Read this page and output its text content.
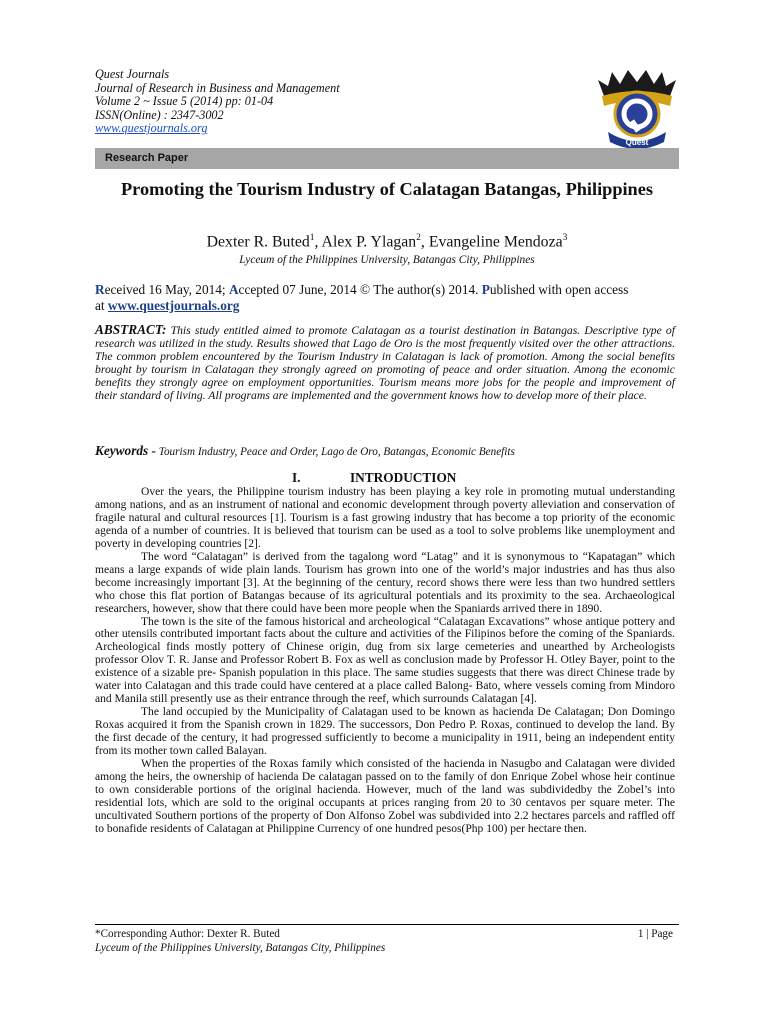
Quest Journals
Journal of Research in Business and Management
Volume 2 ~ Issue 5 (2014) pp: 01-04
ISSN(Online) : 2347-3002
www.questjournals.org
Quest
Research Paper
Promoting the Tourism Industry of Calatagan Batangas, Philippines
Dexter R. Buted$^1$, Alex P. Ylagan$^2$, Evangeline Mendoza$^3$
Lyceum of the Philippines University, Batangas City, Philippines
Received 16 May, 2014; Accepted 07 June, 2014 © The author(s) 2014. Published with open access
at www.questjournals.org
ABSTRACT: This study entitled aimed to promote Calatagan as a tourist destination in Batangas. Descriptive type of research was utilized in the study. Results showed that Lago de Oro is the most frequently visited over the other attractions. The common problem encountered by the Tourism Industry in Calatagan is lack of promotion. Among the social benefits brought by tourism in Calatagan they strongly agreed on promoting of peace and order situation. Among the economic benefits they strongly agree on employment opportunities. Tourism means more jobs for the people and improvement of their standard of living. All programs are implemented and the government knows how to develop more of their place.
Keywords - Tourism Industry, Peace and Order, Lago de Oro, Batangas, Economic Benefits
I.	INTRODUCTION

Over the years, the Philippine tourism industry has been playing a key role in promoting mutual understanding among nations, and as an instrument of national and economic development through poverty alleviation and conservation of fragile natural and cultural resources [1]. Tourism is a fast growing industry that has become a top priority of the economic agenda of a number of countries. It is believed that tourism can be used as a tool to solve problems like unemployment and poverty in developing countries [2].

The word “Calatagan” is derived from the tagalong word “Latag” and it is synonymous to “Kapatagan” which means a large expands of wide plain lands. Tourism has grown into one of the world’s major industries and has thus also become increasingly important [3]. At the beginning of the century, record shows there were less than two hundred settlers who chose this flat portion of Batangas because of its agricultural potentials and its proximity to the sea. Archaeological researchers, however, show that there could have been more people when the Spaniards arrived there in 1890.

The town is the site of the famous historical and archeological “Calatagan Excavations” whose antique pottery and other utensils contributed important facts about the culture and activities of the Filipinos before the coming of the Spaniards. Archeological finds mostly pottery of Chinese origin, dug from six large cemeteries and unearthed by Archeologists professor Olov T. R. Janse and Professor Robert B. Fox as well as conclusion made by Professor H. Otley Bayer, point to the existence of a sizable pre- Spanish population in this place. The same studies suggests that there was direct Chinese trade by water into Calatagan and this trade could have centered at a place called Balong- Bato, where vessels coming from Mindoro and Manila still presently use as their entrance through the reef, which surrounds Calatagan [4].

The land occupied by the Municipality of Calatagan used to be known as hacienda De Calatagan; Don Domingo Roxas acquired it from the Spanish crown in 1829. The successors, Don Pedro P. Roxas, continued to develop the land. By the first decade of the century, it had progressed sufficiently to become a municipality in 1911, being an independent entity from its mother town called Balayan.

When the properties of the Roxas family which consisted of the hacienda in Nasugbo and Calatagan were divided among the heirs, the ownership of hacienda De calatagan passed on to the family of don Enrique Zobel whose heir continue to own considerable portions of the original hacienda. However, much of the land was subdividedby the Zobel’s into residential lots, which are sold to the original occupants at prices ranging from 20 to 30 centavos per square meter. The uncultivated Southern portions of the property of Don Alfonso Zobel was subdivided into 2.2 hectares parcels and raffled off to bonafide residents of Calatagan at Philippine Currency of one hundred pesos(Php 100) per hectare then.

*Corresponding Author: Dexter R. Buted	1 | Page
Lyceum of the Philippines University, Batangas City, Philippines
